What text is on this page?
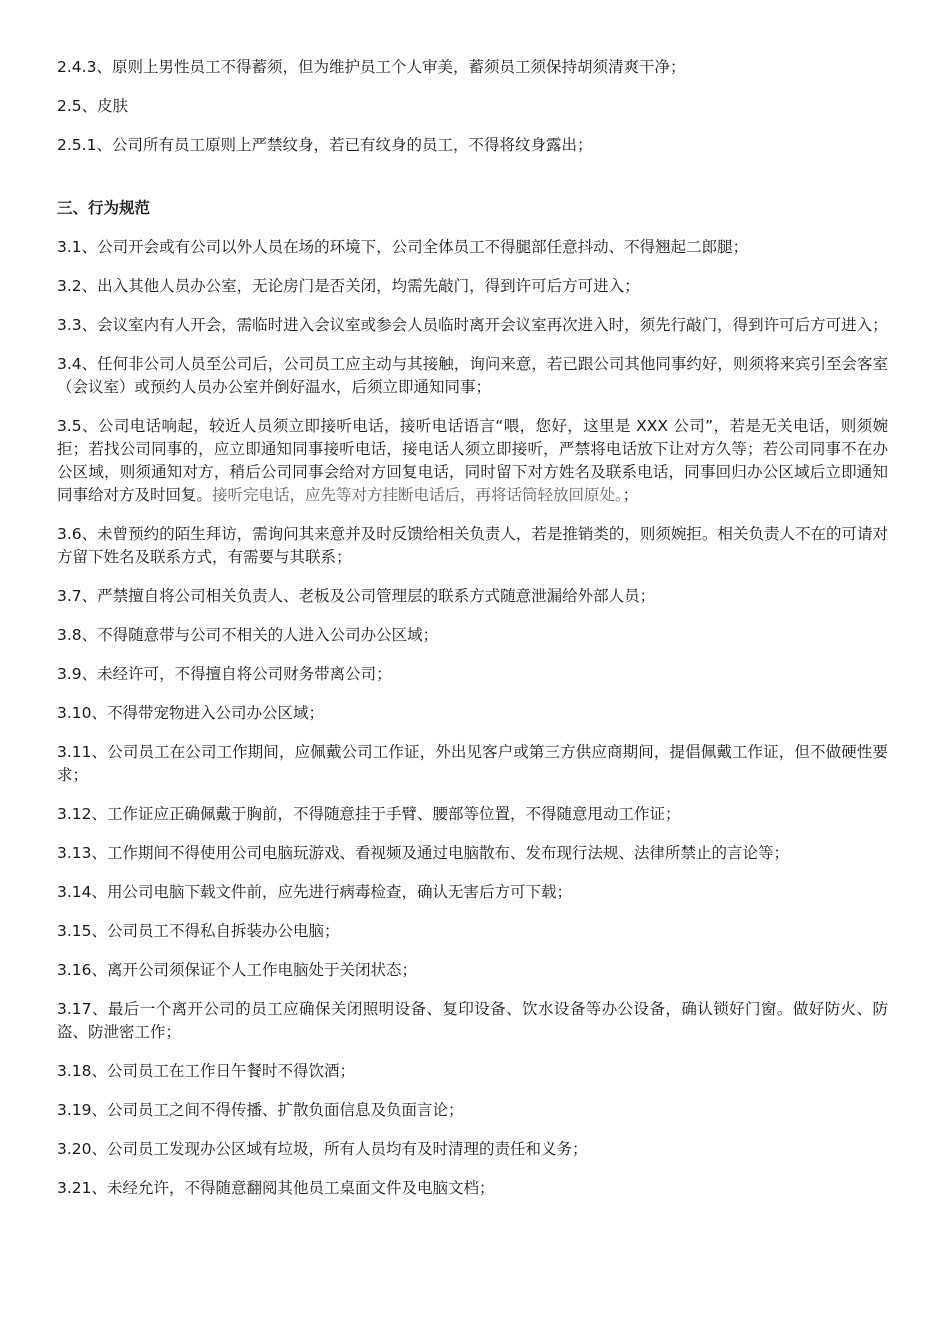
2.4.3、原则上男性员工不得蓄须，但为维护员工个人审美，蓄须员工须保持胡须清爽干净；

2.5、皮肤

2.5.1、公司所有员工原则上严禁纹身，若已有纹身的员工，不得将纹身露出；

三、行为规范

3.1、公司开会或有公司以外人员在场的环境下，公司全体员工不得腿部任意抖动、不得翘起二郎腿；

3.2、出入其他人员办公室，无论房门是否关闭，均需先敲门，得到许可后方可进入；

3.3、会议室内有人开会，需临时进入会议室或参会人员临时离开会议室再次进入时，须先行敲门，得到许可后方可进入；

3.4、任何非公司人员至公司后，公司员工应主动与其接触，询问来意，若已跟公司其他同事约好，则须将来宾引至会客室（会议室）或预约人员办公室并倒好温水，后须立即通知同事；

3.5、公司电话响起，较近人员须立即接听电话，接听电话语言“喂，您好，这里是 XXX 公司”，若是无关电话，则须婉拒；若找公司同事的，应立即通知同事接听电话，接电话人须立即接听，严禁将电话放下让对方久等；若公司同事不在办公区域，则须通知对方，稍后公司同事会给对方回复电话，同时留下对方姓名及联系电话，同事回归办公区域后立即通知同事给对方及时回复。接听完电话，应先等对方挂断电话后，再将话筒轻放回原处。；

3.6、未曾预约的陌生拜访，需询问其来意并及时反馈给相关负责人，若是推销类的，则须婉拒。相关负责人不在的可请对方留下姓名及联系方式，有需要与其联系；

3.7、严禁擅自将公司相关负责人、老板及公司管理层的联系方式随意泄漏给外部人员；

3.8、不得随意带与公司不相关的人进入公司办公区域；

3.9、未经许可，不得擅自将公司财务带离公司；

3.10、不得带宠物进入公司办公区域；

3.11、公司员工在公司工作期间，应佩戴公司工作证，外出见客户或第三方供应商期间，提倡佩戴工作证，但不做硬性要求；

3.12、工作证应正确佩戴于胸前，不得随意挂于手臂、腰部等位置，不得随意甩动工作证；

3.13、工作期间不得使用公司电脑玩游戏、看视频及通过电脑散布、发布现行法规、法律所禁止的言论等；

3.14、用公司电脑下载文件前，应先进行病毒检查，确认无害后方可下载；

3.15、公司员工不得私自拆装办公电脑；

3.16、离开公司须保证个人工作电脑处于关闭状态；

3.17、最后一个离开公司的员工应确保关闭照明设备、复印设备、饮水设备等办公设备，确认锁好门窗。做好防火、防盗、防泄密工作；

3.18、公司员工在工作日午餐时不得饮酒；

3.19、公司员工之间不得传播、扩散负面信息及负面言论；

3.20、公司员工发现办公区域有垃圾，所有人员均有及时清理的责任和义务；

3.21、未经允许，不得随意翻阅其他员工桌面文件及电脑文档；
